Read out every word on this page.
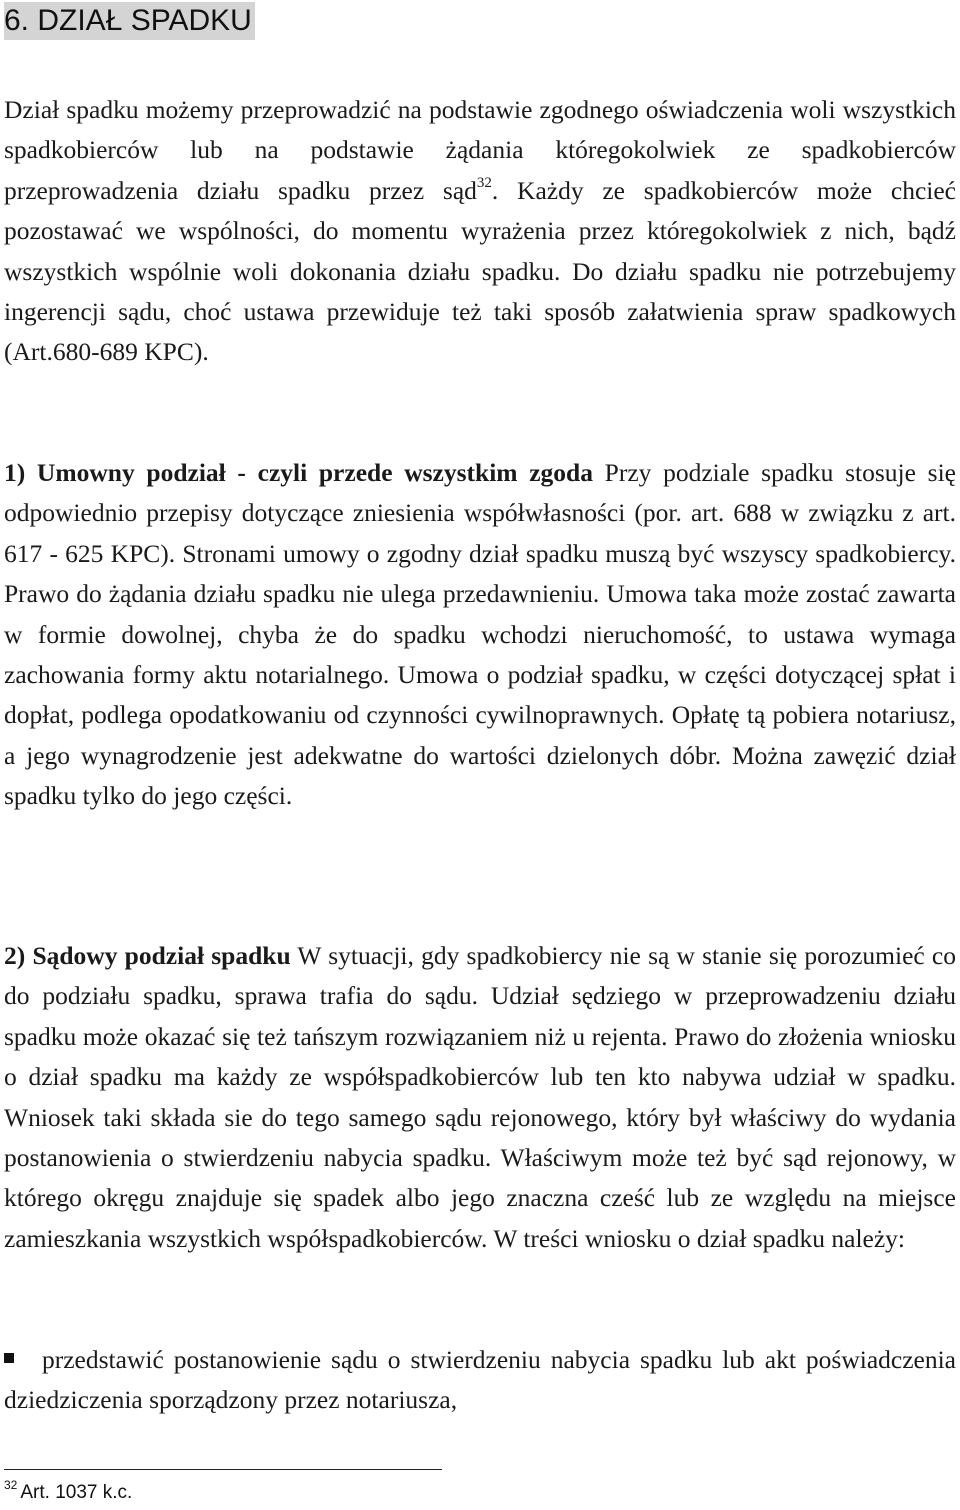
6. DZIAŁ SPADKU

Dział spadku możemy przeprowadzić na podstawie zgodnego oświadczenia woli wszystkich spadkobierców lub na podstawie żądania któregokolwiek ze spadkobierców przeprowadzenia działu spadku przez sąd$^{32}$. Każdy ze spadkobierców może chcieć pozostawać we wspólności, do momentu wyrażenia przez któregokolwiek z nich, bądź wszystkich wspólnie woli dokonania działu spadku. Do działu spadku nie potrzebujemy ingerencji sądu, choć ustawa przewiduje też taki sposób załatwienia spraw spadkowych (Art.680-689 KPC).

1) Umowny podział - czyli przede wszystkim zgoda Przy podziale spadku stosuje się odpowiednio przepisy dotyczące zniesienia współwłasności (por. art. 688 w związku z art. 617 - 625 KPC). Stronami umowy o zgodny dział spadku muszą być wszyscy spadkobiercy. Prawo do żądania działu spadku nie ulega przedawnieniu. Umowa taka może zostać zawarta w formie dowolnej, chyba że do spadku wchodzi nieruchomość, to ustawa wymaga zachowania formy aktu notarialnego. Umowa o podział spadku, w części dotyczącej spłat i dopłat, podlega opodatkowaniu od czynności cywilnoprawnych. Opłatę tą pobiera notariusz, a jego wynagrodzenie jest adekwatne do wartości dzielonych dóbr. Można zawęzić dział spadku tylko do jego części.

2) Sądowy podział spadku W sytuacji, gdy spadkobiercy nie są w stanie się porozumieć co do podziału spadku, sprawa trafia do sądu. Udział sędziego w przeprowadzeniu działu spadku może okazać się też tańszym rozwiązaniem niż u rejenta. Prawo do złożenia wniosku o dział spadku ma każdy ze współspadkobierców lub ten kto nabywa udział w spadku. Wniosek taki składa sie do tego samego sądu rejonowego, który był właściwy do wydania postanowienia o stwierdzeniu nabycia spadku. Właściwym może też być sąd rejonowy, w którego okręgu znajduje się spadek albo jego znaczna cześć lub ze względu na miejsce zamieszkania wszystkich współspadkobierców. W treści wniosku o dział spadku należy:

przedstawić postanowienie sądu o stwierdzeniu nabycia spadku lub akt poświadczenia dziedziczenia sporządzony przez notariusza,
$^{32}$ Art. 1037 k.c.
